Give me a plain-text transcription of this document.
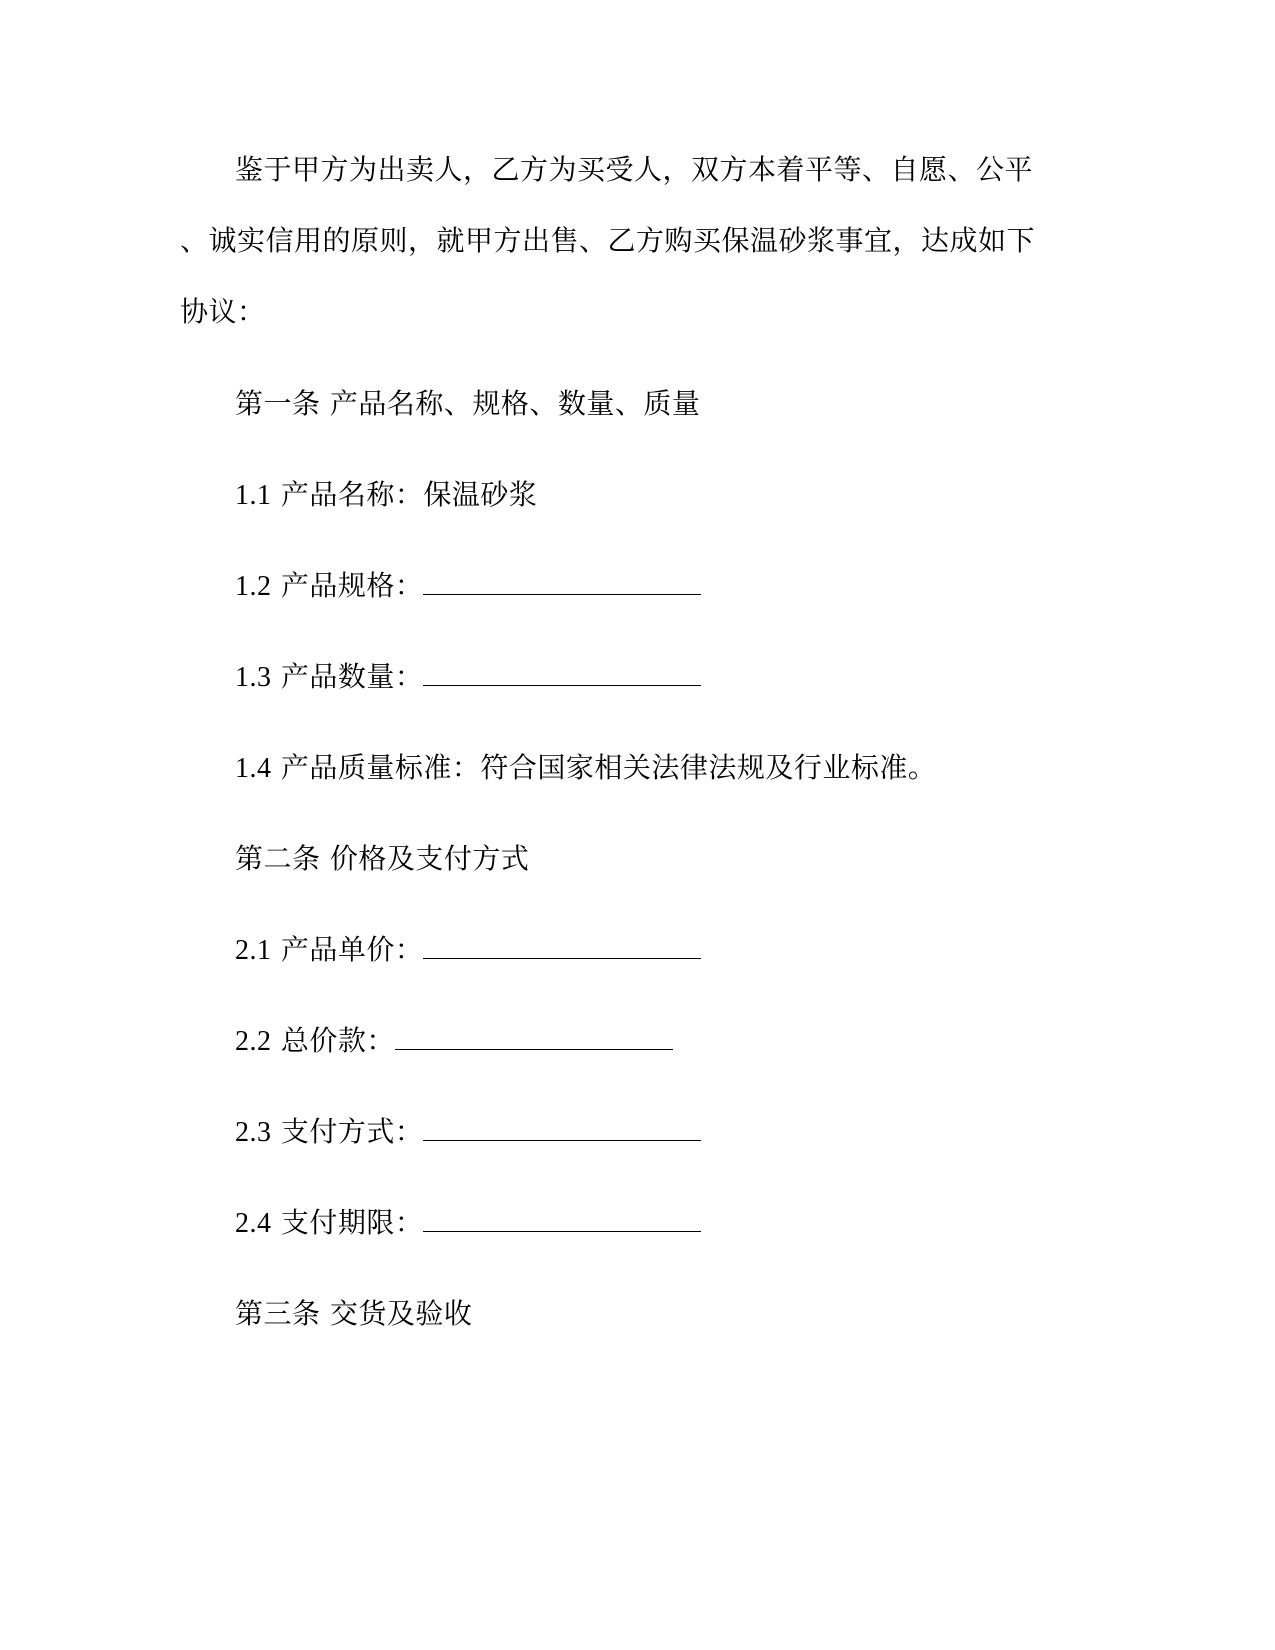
鉴于甲方为出卖人，乙方为买受人，双方本着平等、自愿、公平
、诚实信用的原则，就甲方出售、乙方购买保温砂浆事宜，达成如下
协议：
第一条 产品名称、规格、数量、质量
1.1 产品名称：保温砂浆
1.2 产品规格：
1.3 产品数量：
1.4 产品质量标准：符合国家相关法律法规及行业标准。
第二条 价格及支付方式
2.1 产品单价：
2.2 总价款：
2.3 支付方式：
2.4 支付期限：
第三条 交货及验收
